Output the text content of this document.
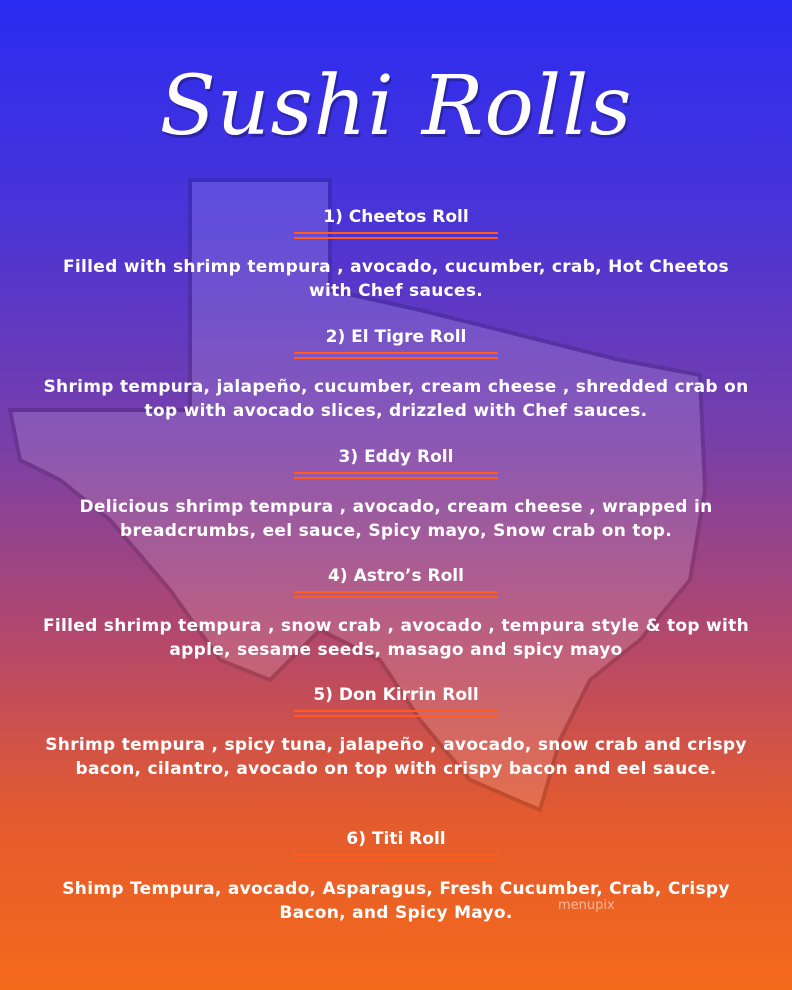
Sushi Rolls
1) Cheetos Roll
Filled with shrimp tempura , avocado, cucumber, crab, Hot Cheetos with Chef sauces.
2) El Tigre Roll
Shrimp tempura, jalapeño, cucumber, cream cheese , shredded crab on top with avocado slices, drizzled with Chef sauces.
3) Eddy Roll
Delicious shrimp tempura , avocado, cream cheese , wrapped in breadcrumbs, eel sauce, Spicy mayo, Snow crab on top.
4) Astro’s Roll
Filled shrimp tempura , snow crab , avocado , tempura style & top with apple, sesame seeds, masago and spicy mayo
5) Don Kirrin Roll
Shrimp tempura , spicy tuna, jalapeño , avocado, snow crab and crispy bacon, cilantro, avocado on top with crispy bacon and eel sauce.
6) Titi Roll
Shimp Tempura, avocado, Asparagus, Fresh Cucumber, Crab, Crispy Bacon, and Spicy Mayo.	menupix
